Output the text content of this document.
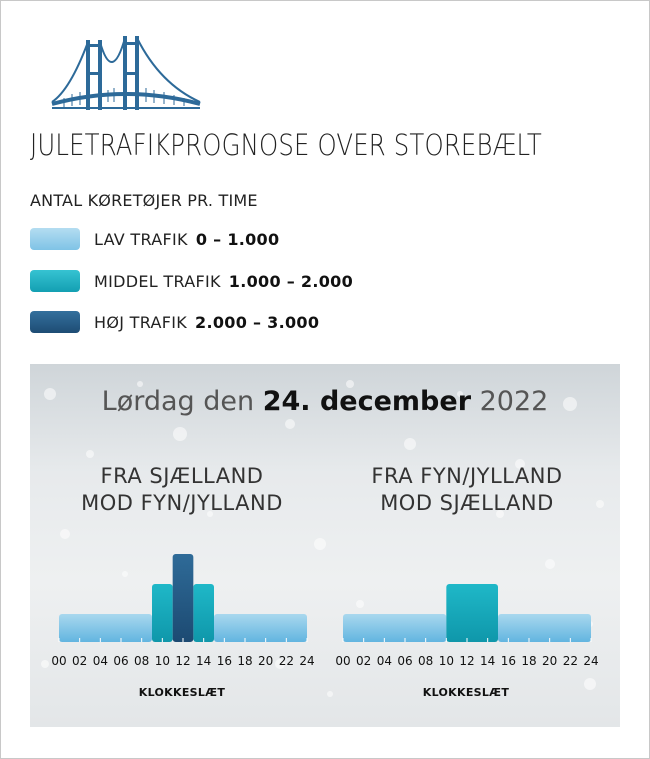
JULETRAFIKPROGNOSE OVER STOREBÆLT
ANTAL KØRETØJER PR. TIME
LAV TRAFIK 0 – 1.000
MIDDEL TRAFIK 1.000 – 2.000
HØJ TRAFIK 2.000 – 3.000
Lørdag den 24. december 2022
FRA SJÆLLAND
MOD FYN/JYLLAND
FRA FYN/JYLLAND
MOD SJÆLLAND
00 02 04 06 08 10 12 14 16 18 20 22 24 00 02 04 06 08 10 12 14 16 18 20 22 24
KLOKKESLÆT	KLOKKESLÆT
